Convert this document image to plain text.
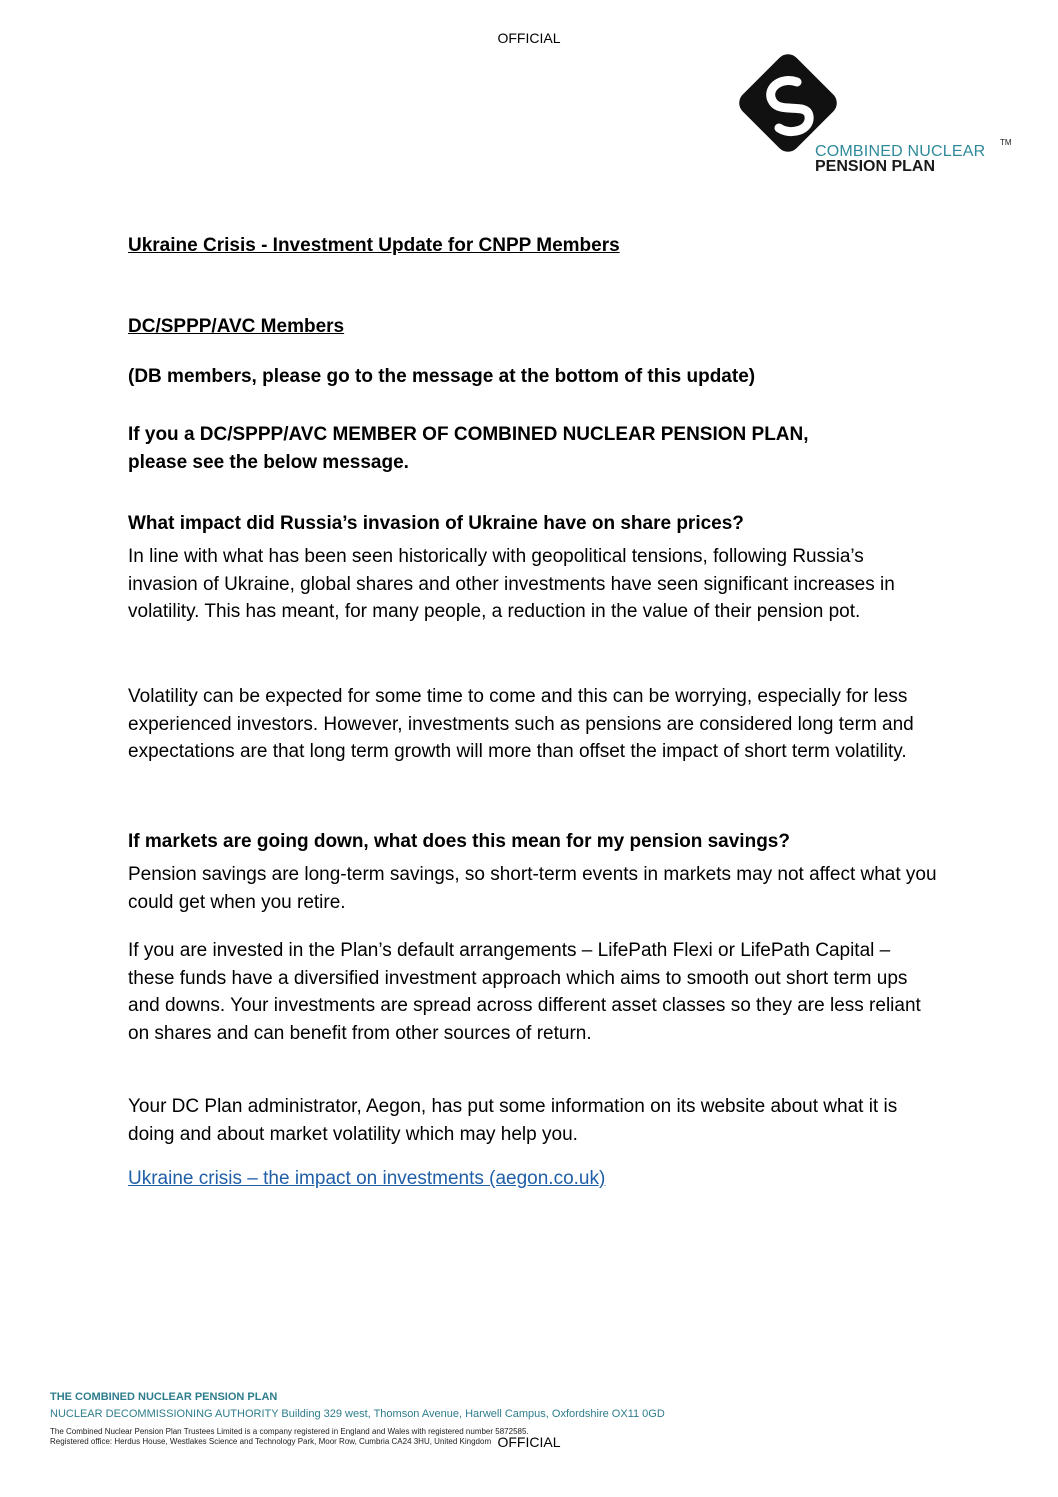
OFFICIAL
COMBINED NUCLEAR
PENSION PLAN
TM
Ukraine Crisis - Investment Update for CNPP Members
DC/SPPP/AVC Members
(DB members, please go to the message at the bottom of this update)
If you a DC/SPPP/AVC MEMBER OF COMBINED NUCLEAR PENSION PLAN,
please see the below message.
What impact did Russia’s invasion of Ukraine have on share prices?

In line with what has been seen historically with geopolitical tensions, following Russia’s invasion of Ukraine, global shares and other investments have seen significant increases in volatility. This has meant, for many people, a reduction in the value of their pension pot.

Volatility can be expected for some time to come and this can be worrying, especially for less experienced investors. However, investments such as pensions are considered long term and expectations are that long term growth will more than offset the impact of short term volatility.

If markets are going down, what does this mean for my pension savings?

Pension savings are long-term savings, so short-term events in markets may not affect what you could get when you retire.

If you are invested in the Plan’s default arrangements – LifePath Flexi or LifePath Capital – these funds have a diversified investment approach which aims to smooth out short term ups and downs. Your investments are spread across different asset classes so they are less reliant on shares and can benefit from other sources of return.

Your DC Plan administrator, Aegon, has put some information on its website about what it is doing and about market volatility which may help you.

Ukraine crisis – the impact on investments (aegon.co.uk)
THE COMBINED NUCLEAR PENSION PLAN
NUCLEAR DECOMMISSIONING AUTHORITY Building 329 west, Thomson Avenue, Harwell Campus, Oxfordshire OX11 0GD
The Combined Nuclear Pension Plan Trustees Limited is a company registered in England and Wales with registered number 5872585.
Registered office: Herdus House, Westlakes Science and Technology Park, Moor Row, Cumbria CA24 3HU, United Kingdom OFFICIAL
